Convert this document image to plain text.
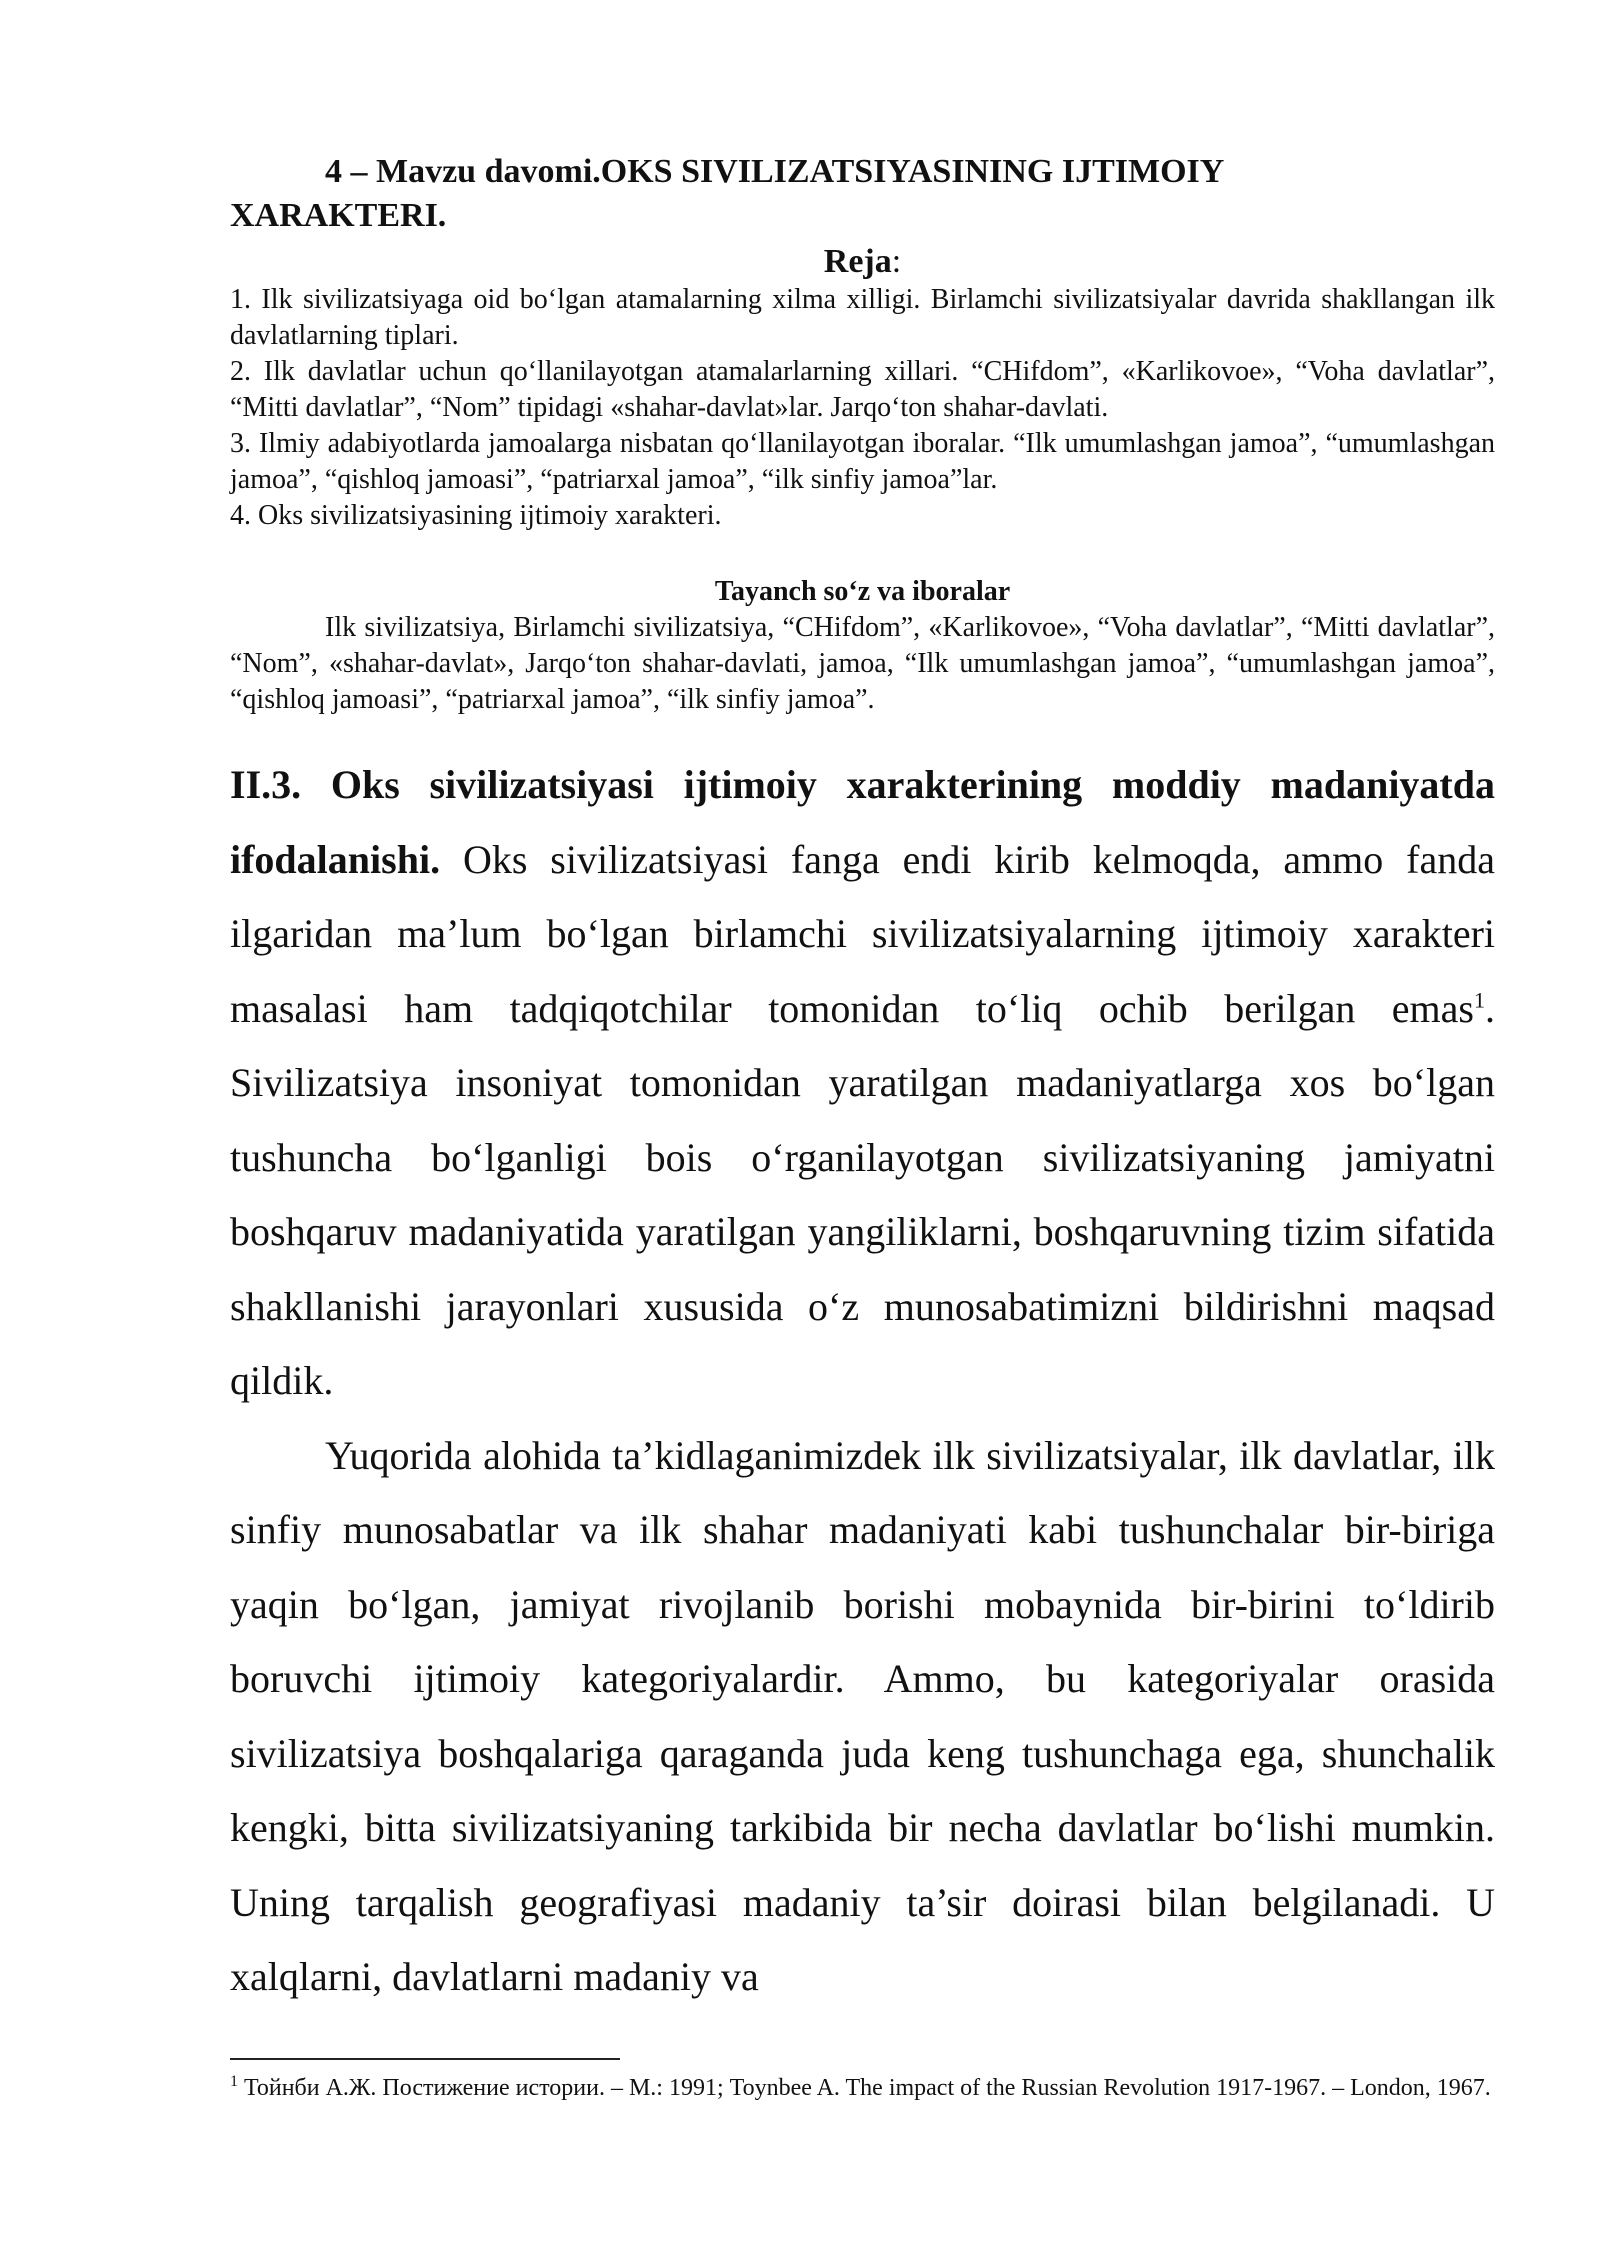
4 – Mavzu davomi.OKS SIVILIZATSIYASINING IJTIMOIY
XARAKTERI.
Reja:

1. Ilk sivilizatsiyaga oid bo‘lgan atamalarning xilma xilligi. Birlamchi sivilizatsiyalar davrida shakllangan ilk davlatlarning tiplari.

2. Ilk davlatlar uchun qo‘llanilayotgan atamalarlarning xillari. “CHifdom”, «Karlikovoe», “Voha davlatlar”, “Mitti davlatlar”, “Nom” tipidagi «shahar-davlat»lar. Jarqo‘ton shahar-davlati.

3. Ilmiy adabiyotlarda jamoalarga nisbatan qo‘llanilayotgan iboralar. “Ilk umumlashgan jamoa”, “umumlashgan jamoa”, “qishloq jamoasi”, “patriarxal jamoa”, “ilk sinfiy jamoa”lar.

4. Oks sivilizatsiyasining ijtimoiy xarakteri.

Tayanch so‘z va iboralar

Ilk sivilizatsiya, Birlamchi sivilizatsiya, “CHifdom”, «Karlikovoe», “Voha davlatlar”, “Mitti davlatlar”, “Nom”, «shahar-davlat», Jarqo‘ton shahar-davlati, jamoa, “Ilk umumlashgan jamoa”, “umumlashgan jamoa”, “qishloq jamoasi”, “patriarxal jamoa”, “ilk sinfiy jamoa”.

II.3. Oks sivilizatsiyasi ijtimoiy xarakterining moddiy madaniyatda ifodalanishi. Oks sivilizatsiyasi fanga endi kirib kelmoqda, ammo fanda ilgaridan ma’lum bo‘lgan birlamchi sivilizatsiyalarning ijtimoiy xarakteri masalasi ham tadqiqotchilar tomonidan to‘liq ochib berilgan emas$^1$. Sivilizatsiya insoniyat tomonidan yaratilgan madaniyatlarga xos bo‘lgan tushuncha bo‘lganligi bois o‘rganilayotgan sivilizatsiyaning jamiyatni boshqaruv madaniyatida yaratilgan yangiliklarni, boshqaruvning tizim sifatida shakllanishi jarayonlari xususida o‘z munosabatimizni bildirishni maqsad qildik.

Yuqorida alohida ta’kidlaganimizdek ilk sivilizatsiyalar, ilk davlatlar, ilk sinfiy munosabatlar va ilk shahar madaniyati kabi tushunchalar bir-biriga yaqin bo‘lgan, jamiyat rivojlanib borishi mobaynida bir-birini to‘ldirib boruvchi ijtimoiy kategoriyalardir. Ammo, bu kategoriyalar orasida sivilizatsiya boshqalariga qaraganda juda keng tushunchaga ega, shunchalik kengki, bitta sivilizatsiyaning tarkibida bir necha davlatlar bo‘lishi mumkin. Uning tarqalish geografiyasi madaniy ta’sir doirasi bilan belgilanadi. U xalqlarni, davlatlarni madaniy va

$^1$ Тойнби А.Ж. Постижение истории. – М.: 1991; Toynbee A. The impact of the Russian Revolution 1917-1967. – London, 1967.
